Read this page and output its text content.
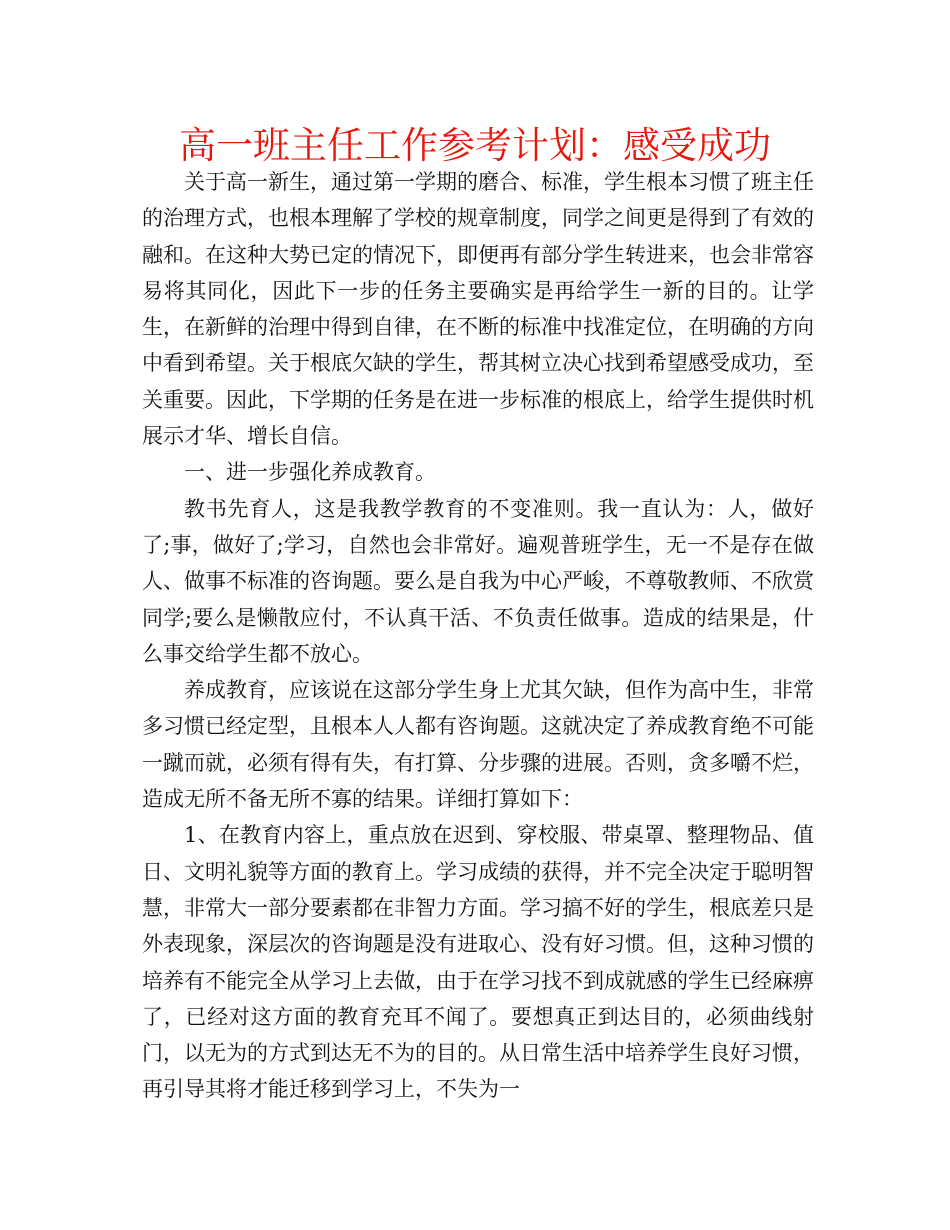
高一班主任工作参考计划：感受成功

关于高一新生，通过第一学期的磨合、标准，学生根本习惯了班主任的治理方式，也根本理解了学校的规章制度，同学之间更是得到了有效的融和。在这种大势已定的情况下，即便再有部分学生转进来，也会非常容易将其同化，因此下一步的任务主要确实是再给学生一新的目的。让学生，在新鲜的治理中得到自律，在不断的标准中找准定位，在明确的方向中看到希望。关于根底欠缺的学生，帮其树立决心找到希望感受成功，至关重要。因此，下学期的任务是在进一步标准的根底上，给学生提供时机展示才华、增长自信。

一、进一步强化养成教育。

教书先育人，这是我教学教育的不变准则。我一直认为：人，做好了;事，做好了;学习，自然也会非常好。遍观普班学生，无一不是存在做人、做事不标准的咨询题。要么是自我为中心严峻，不尊敬教师、不欣赏同学;要么是懒散应付，不认真干活、不负责任做事。造成的结果是，什么事交给学生都不放心。

养成教育，应该说在这部分学生身上尤其欠缺，但作为高中生，非常多习惯已经定型，且根本人人都有咨询题。这就决定了养成教育绝不可能一蹴而就，必须有得有失，有打算、分步骤的进展。否则，贪多嚼不烂，造成无所不备无所不寡的结果。详细打算如下：

1、在教育内容上，重点放在迟到、穿校服、带桌罩、整理物品、值日、文明礼貌等方面的教育上。学习成绩的获得，并不完全决定于聪明智慧，非常大一部分要素都在非智力方面。学习搞不好的学生，根底差只是外表现象，深层次的咨询题是没有进取心、没有好习惯。但，这种习惯的培养有不能完全从学习上去做，由于在学习找不到成就感的学生已经麻痹了，已经对这方面的教育充耳不闻了。要想真正到达目的，必须曲线射门，以无为的方式到达无不为的目的。从日常生活中培养学生良好习惯，再引导其将才能迁移到学习上，不失为一
